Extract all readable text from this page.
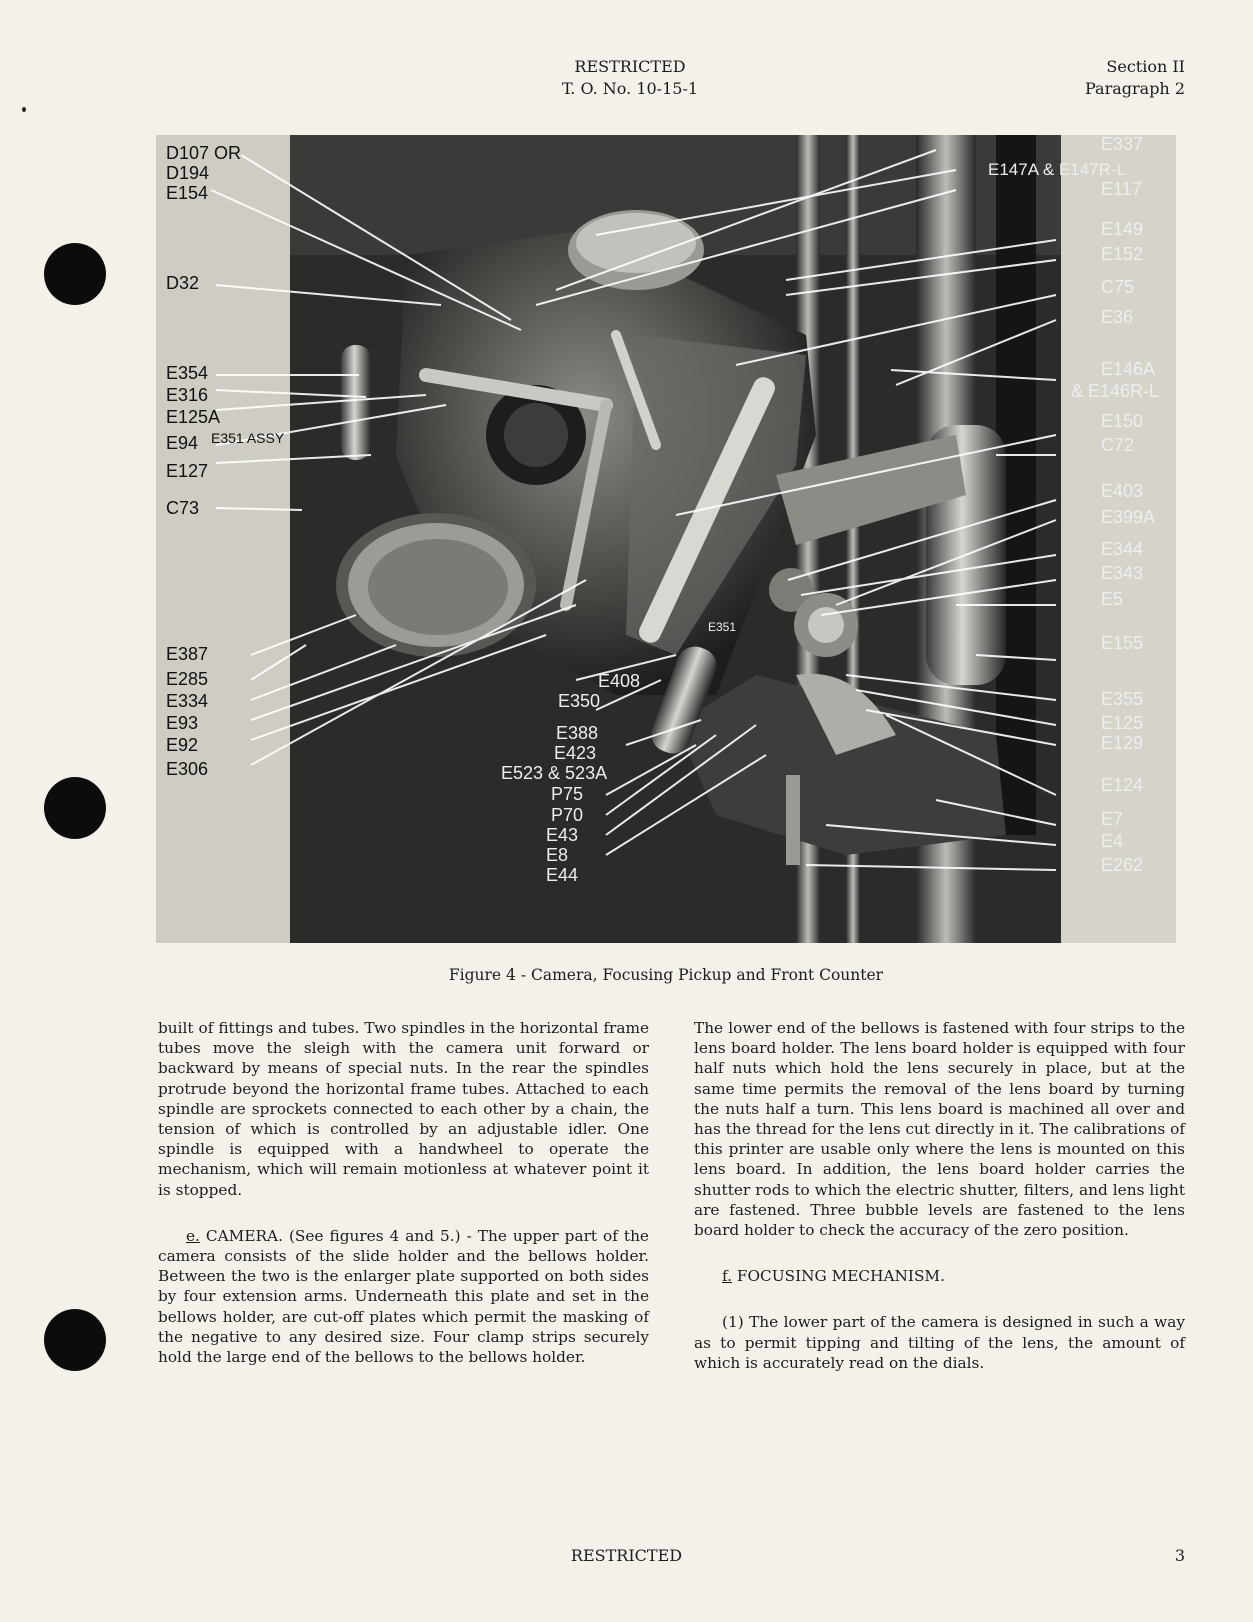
RESTRICTED
T. O. No. 10-15-1
Section II
Paragraph 2
D107 OR
D194
E154
D32
E354
E316
E125A
E94 E351 ASSY
E127
C73
E387
E285
E334
E93
E92
E306
E351
E408
E350
E388
E423
E523 & 523A
P75
P70
E43
E8
E44
E337
E147A & E147R-L
E117
E149
E152
C75
E36
E146A
& E146R-L
E150
C72
E403
E399A
E344
E343
E5
E155
E355
E125
E129
E124
E7
E4
E262
Figure 4 - Camera, Focusing Pickup and Front Counter

built of fittings and tubes. Two spindles in the horizontal frame tubes move the sleigh with the camera unit forward or backward by means of special nuts. In the rear the spindles protrude beyond the horizontal frame tubes. Attached to each spindle are sprockets connected to each other by a chain, the tension of which is controlled by an adjustable idler. One spindle is equipped with a handwheel to operate the mechanism, which will remain motionless at whatever point it is stopped.

e. CAMERA. (See figures 4 and 5.) - The upper part of the camera consists of the slide holder and the bellows holder. Between the two is the enlarger plate supported on both sides by four extension arms. Underneath this plate and set in the bellows holder, are cut-off plates which permit the masking of the negative to any desired size. Four clamp strips securely hold the large end of the bellows to the bellows holder.

The lower end of the bellows is fastened with four strips to the lens board holder. The lens board holder is equipped with four half nuts which hold the lens securely in place, but at the same time permits the removal of the lens board by turning the nuts half a turn. This lens board is machined all over and has the thread for the lens cut directly in it. The calibrations of this printer are usable only where the lens is mounted on this lens board. In addition, the lens board holder carries the shutter rods to which the electric shutter, filters, and lens light are fastened. Three bubble levels are fastened to the lens board holder to check the accuracy of the zero position.

f. FOCUSING MECHANISM.

(1) The lower part of the camera is designed in such a way as to permit tipping and tilting of the lens, the amount of which is accurately read on the dials.

RESTRICTED	3
